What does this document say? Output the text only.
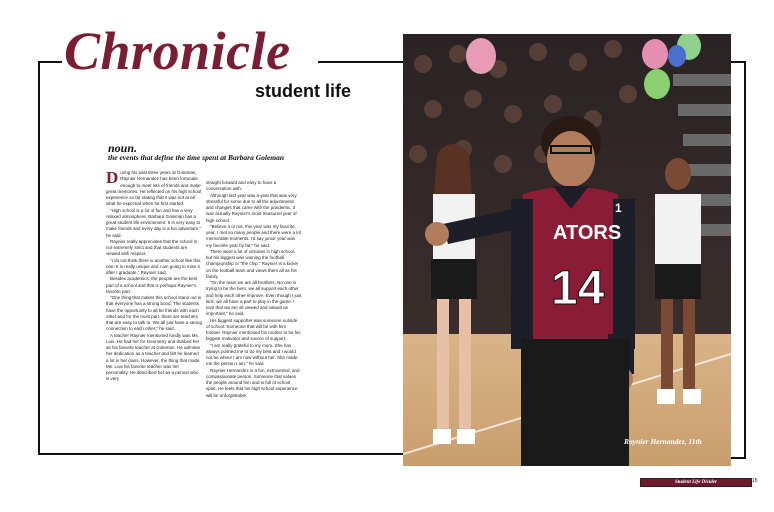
Chronicle
student life
noun.
the events that define the time spent at Barbara Goleman

During his past three years at Goleman, Raynier Hernandez has been fortunate enough to meet lots of friends and make great memories. He reflected on his high school experience so far stating that it was not at all what he expected when he first started.

"High school is a lot of fun and has a very relaxed atmosphere. Barbara Goleman has a great student life environment. It is very easy to make friends and every day is a fun adventure," he said.

Raynier really appreciates that the school is not extremely strict and that students are viewed with respect.

"I do not think there is another school like this one. It is really unique and I am going to miss it after I graduate," Raynier said.

Besides academics, the people are the best part of a school and that is perhaps Raynier's favorite part.

"One thing that makes this school stand out is that everyone has a strong bond. The students have the opportunity to all be friends with each other and for the most part, there are teachers that are easy to talk to. We all just have a strong connection to each other," he said.

A teacher Raynier mentioned fondly was Ms. Luis. He had her for Geometry and dubbed her as his favorite teacher at Goleman. He admires her dedication as a teacher and felt he learned a lot in her class. However, the thing that made Ms. Luis his favorite teacher was her personality. He described her as a person who is very

straight forward and easy to have a conversation with.

Although last year was a year that was very stressful for some due to all the adjustments and changes that came with the pandemic, it was actually Raynier's most treasured year of high school.

"Believe it or not, this year was my favorite year. I met so many people and there were a lot memorable moments. I'd say junior year was my favorite year by far," he said.

There were a lot of victories in high school, but his biggest was winning the football championship or "the chip." Raynier is a kicker on the football team and views them all as his family.

"On the team we are all brothers. No one is trying to be the hero; we all support each other and help each other improve. Even though I just kick, we all have a part to play in the game. I love that we are all viewed and valued as important," he said.

His biggest supporter was someone outside of school. Someone that will be with him forever. Raynier mentioned his mother to be his biggest motivator and source of support.

"I am really grateful to my mom. She has always pushed me to do my best and I would not be where I am now without her. She made me the person I am," he said.

Raynier Hernandez is a fun, extroverted, and compassionate person. Someone that values the people around him and is full of school spirit. He feels that his high school experience will be unforgettable.

ATORS
14
1
Raynier Hernandez, 11th
Student Life Divider	15
